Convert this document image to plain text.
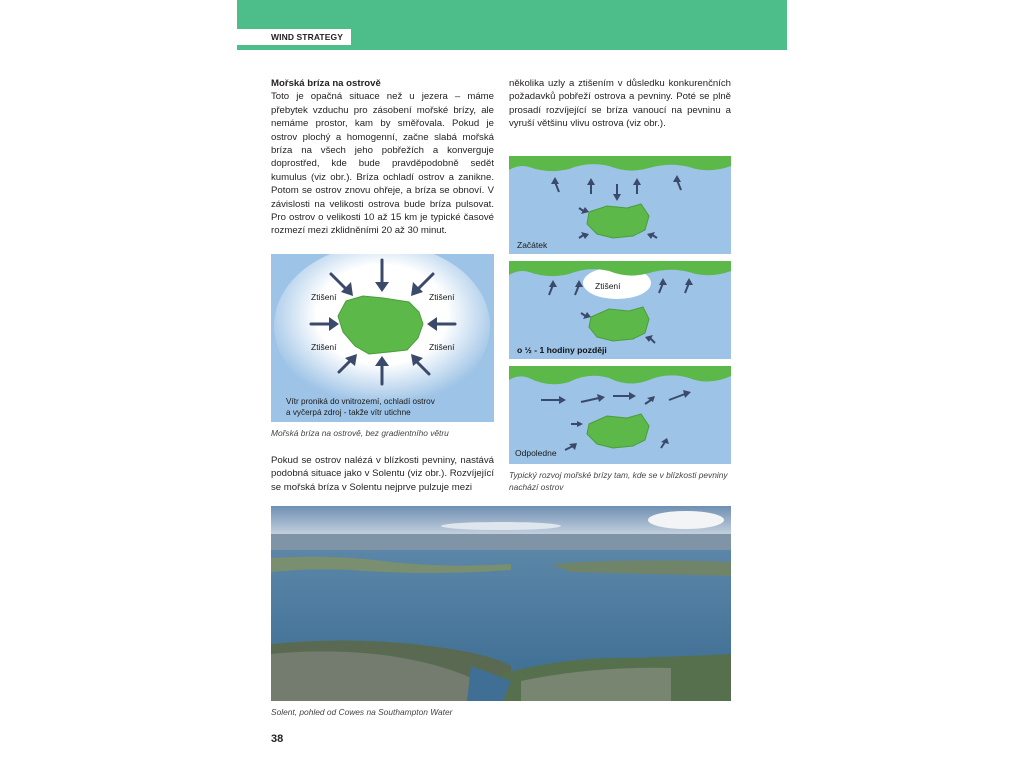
WIND STRATEGY
Mořská bríza na ostrově
Toto je opačná situace než u jezera – máme přebytek vzduchu pro zásobení mořské brízy, ale nemáme prostor, kam by směřovala. Pokud je ostrov plochý a homogenní, začne slabá mořská bríza na všech jeho pobřežích a konverguje doprostřed, kde bude pravděpodobně sedět kumulus (viz obr.). Bríza ochladí ostrov a zanikne. Potom se ostrov znovu ohřeje, a bríza se obnoví. V závislosti na velikosti ostrova bude bríza pulsovat. Pro ostrov o velikosti 10 až 15 km je typické časové rozmezí mezi zklidněními 20 až 30 minut.
Ztišení	Ztišení
Ztišení	Ztišení
Vítr proniká do vnitrozemí, ochladí ostrov
a vyčerpá zdroj - takže vítr utichne
Mořská bríza na ostrově, bez gradientního větru
Pokud se ostrov nalézá v blízkosti pevniny, nastává podobná situace jako v Solentu (viz obr.). Rozvíjející se mořská bríza v Solentu nejprve pulzuje mezi
několika uzly a ztišením v důsledku konkurenčních požadavků pobřeží ostrova a pevniny. Poté se plně prosadí rozvíjející se bríza vanoucí na pevninu a vyruší většinu vlivu ostrova (viz obr.).
Začátek
Ztišení
o ½ - 1 hodiny později
Odpoledne
Typický rozvoj mořské brízy tam, kde se v blízkosti pevniny
nachází ostrov
Solent, pohled od Cowes na Southampton Water
38
